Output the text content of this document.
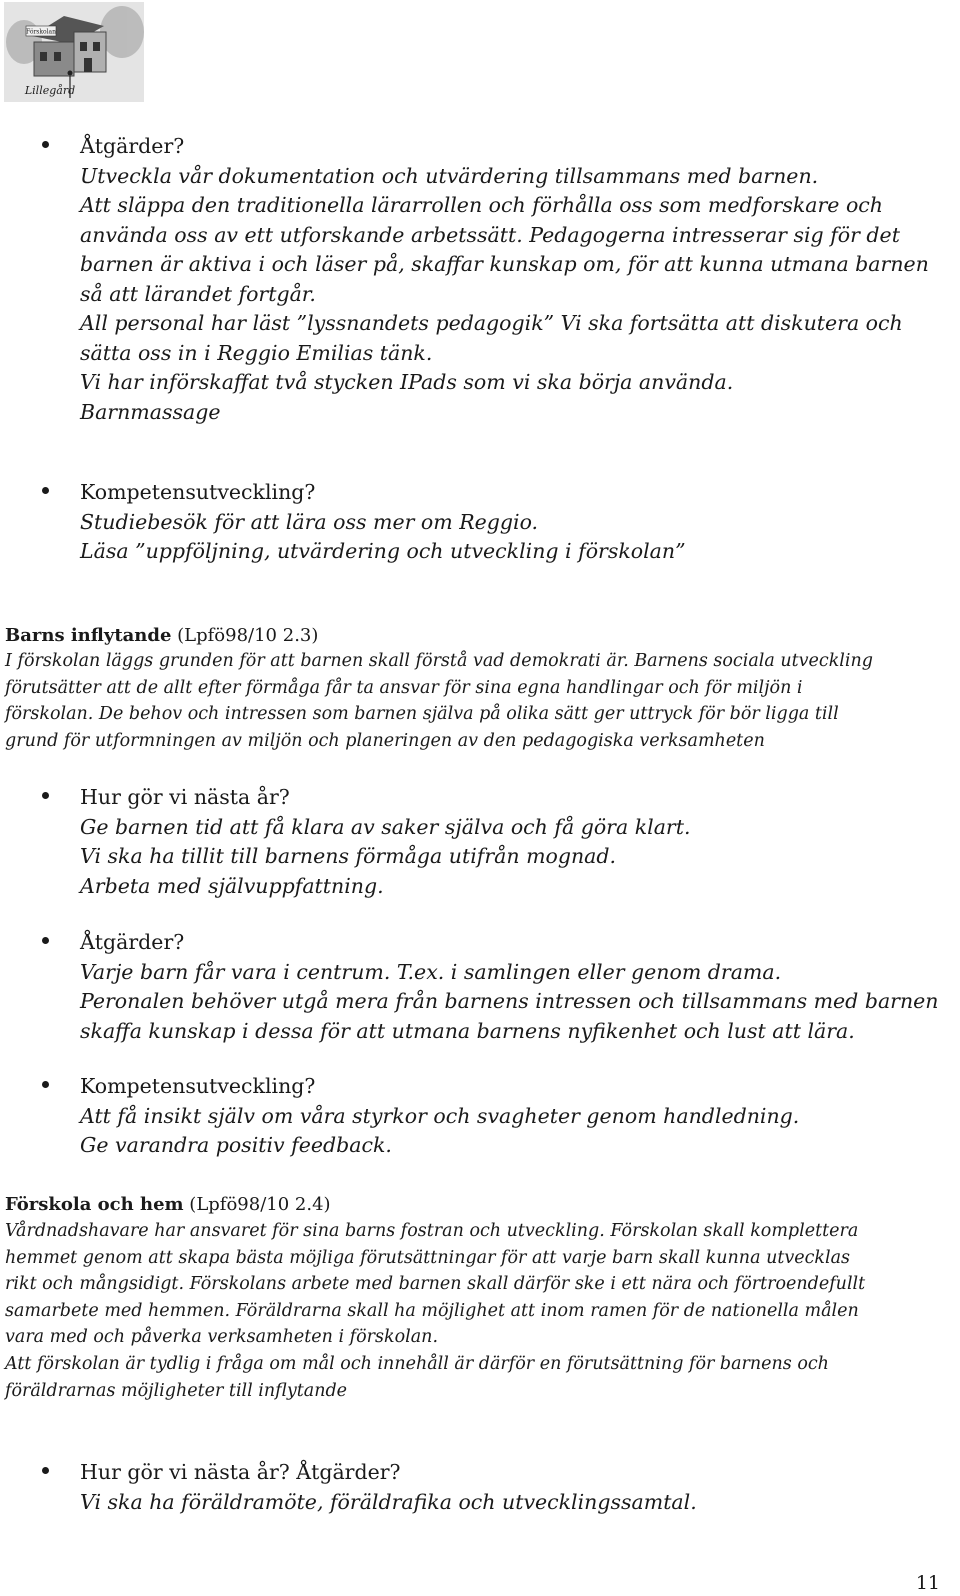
Förskolan
Lillegård
Åtgärder?
Utveckla vår dokumentation och utvärdering tillsammans med barnen.
Att släppa den traditionella lärarrollen och förhålla oss som medforskare och
använda oss av ett utforskande arbetssätt. Pedagogerna intresserar sig för det
barnen är aktiva i och läser på, skaffar kunskap om, för att kunna utmana barnen
så att lärandet fortgår.
All personal har läst ”lyssnandets pedagogik” Vi ska fortsätta att diskutera och
sätta oss in i Reggio Emilias tänk.
Vi har införskaffat två stycken IPads som vi ska börja använda.
Barnmassage
Kompetensutveckling?
Studiebesök för att lära oss mer om Reggio.
Läsa ”uppföljning, utvärdering och utveckling i förskolan”
Barns inflytande (Lpfö98/10 2.3)
I förskolan läggs grunden för att barnen skall förstå vad demokrati är. Barnens sociala utveckling
förutsätter att de allt efter förmåga får ta ansvar för sina egna handlingar och för miljön i
förskolan. De behov och intressen som barnen själva på olika sätt ger uttryck för bör ligga till
grund för utformningen av miljön och planeringen av den pedagogiska verksamheten
Hur gör vi nästa år?
Ge barnen tid att få klara av saker själva och få göra klart.
Vi ska ha tillit till barnens förmåga utifrån mognad.
Arbeta med självuppfattning.
Åtgärder?
Varje barn får vara i centrum. T.ex. i samlingen eller genom drama.
Peronalen behöver utgå mera från barnens intressen och tillsammans med barnen
skaffa kunskap i dessa för att utmana barnens nyfikenhet och lust att lära.
Kompetensutveckling?
Att få insikt själv om våra styrkor och svagheter genom handledning.
Ge varandra positiv feedback.
Förskola och hem (Lpfö98/10 2.4)
Vårdnadshavare har ansvaret för sina barns fostran och utveckling. Förskolan skall komplettera
hemmet genom att skapa bästa möjliga förutsättningar för att varje barn skall kunna utvecklas
rikt och mångsidigt. Förskolans arbete med barnen skall därför ske i ett nära och förtroendefullt
samarbete med hemmen. Föräldrarna skall ha möjlighet att inom ramen för de nationella målen
vara med och påverka verksamheten i förskolan.
Att förskolan är tydlig i fråga om mål och innehåll är därför en förutsättning för barnens och
föräldrarnas möjligheter till inflytande
Hur gör vi nästa år? Åtgärder?
Vi ska ha föräldramöte, föräldrafika och utvecklingssamtal.
11
